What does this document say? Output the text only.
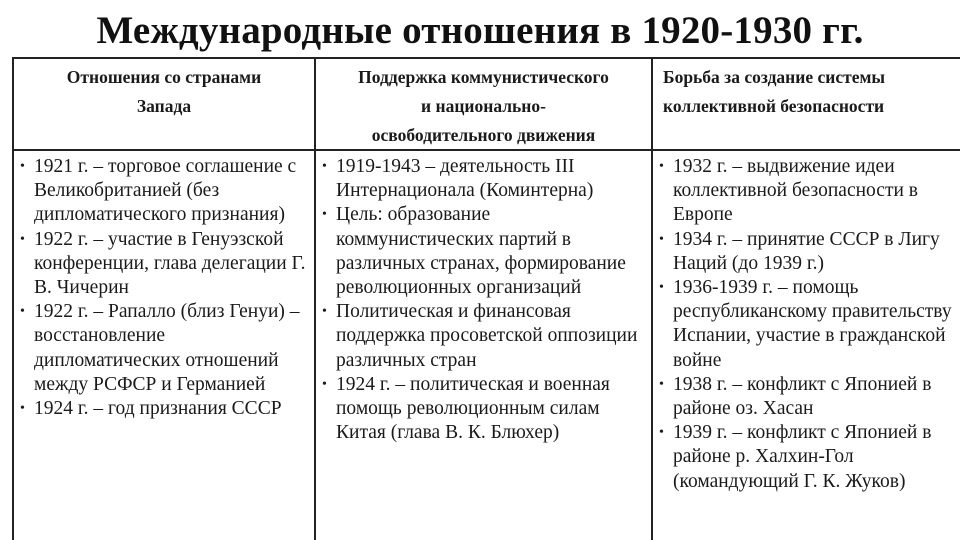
Международные отношения в 1920-1930 гг.
Отношения со странами
Запада
• 1921 г. – торговое соглашение с Великобританией (без дипломатического признания)
• 1922 г. – участие в Генуэзской конференции, глава делегации Г. В. Чичерин
• 1922 г. – Рапалло (близ Генуи) – восстановление дипломатических отношений между РСФСР и Германией
• 1924 г. – год признания СССР
Поддержка коммунистического
и национально-
освободительного движения
• 1919-1943 – деятельность III Интернационала (Коминтерна)
• Цель: образование коммунистических партий в различных странах, формирование революционных организаций
• Политическая и финансовая поддержка просоветской оппозиции различных стран
• 1924 г. – политическая и военная помощь революционным силам Китая (глава В. К. Блюхер)
Борьба за создание системы
коллективной безопасности
• 1932 г. – выдвижение идеи коллективной безопасности в Европе
• 1934 г. – принятие СССР в Лигу Наций (до 1939 г.)
• 1936-1939 г. – помощь республиканскому правительству Испании, участие в гражданской войне
• 1938 г. – конфликт с Японией в районе оз. Хасан
• 1939 г. – конфликт с Японией в районе р. Халхин-Гол (командующий Г. К. Жуков)
